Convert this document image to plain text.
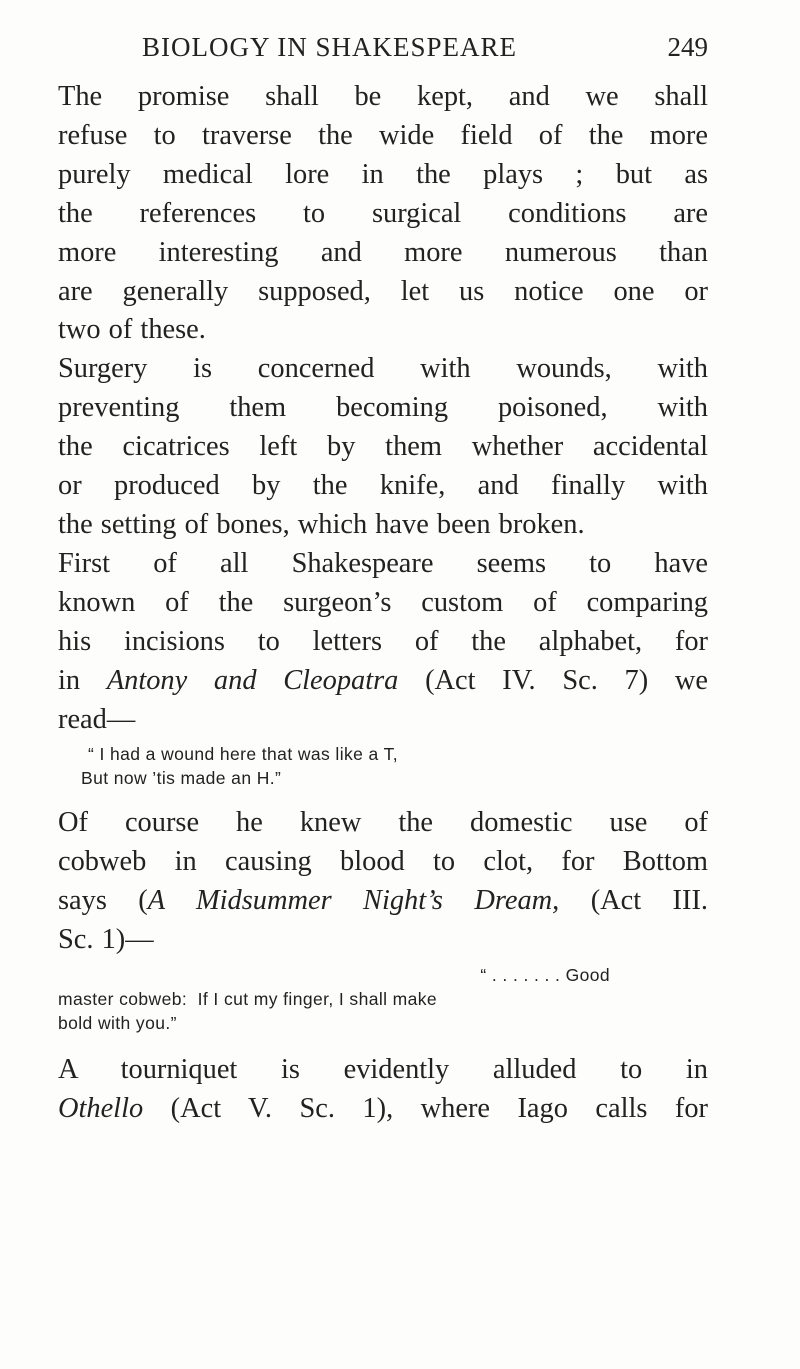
BIOLOGY IN SHAKESPEARE	249

The promise shall be kept, and we shall
refuse to traverse the wide field of the more
purely medical lore in the plays ; but as
the references to surgical conditions are
more interesting and more numerous than
are generally supposed, let us notice one or
two of these.

Surgery is concerned with wounds, with
preventing them becoming poisoned, with
the cicatrices left by them whether accidental
or produced by the knife, and finally with
the setting of bones, which have been broken.

First of all Shakespeare seems to have
known of the surgeon’s custom of comparing
his incisions to letters of the alphabet, for
in Antony and Cleopatra (Act IV. Sc. 7) we
read—

“ I had a wound here that was like a T,
But now ’tis made an H.”

Of course he knew the domestic use of
cobweb in causing blood to clot, for Bottom
says (A Midsummer Night’s Dream, (Act III.
Sc. 1)—

“ . . . . . . . Good
master cobweb:  If I cut my finger, I shall make
bold with you.”

A tourniquet is evidently alluded to in
Othello (Act V. Sc. 1), where Iago calls for
